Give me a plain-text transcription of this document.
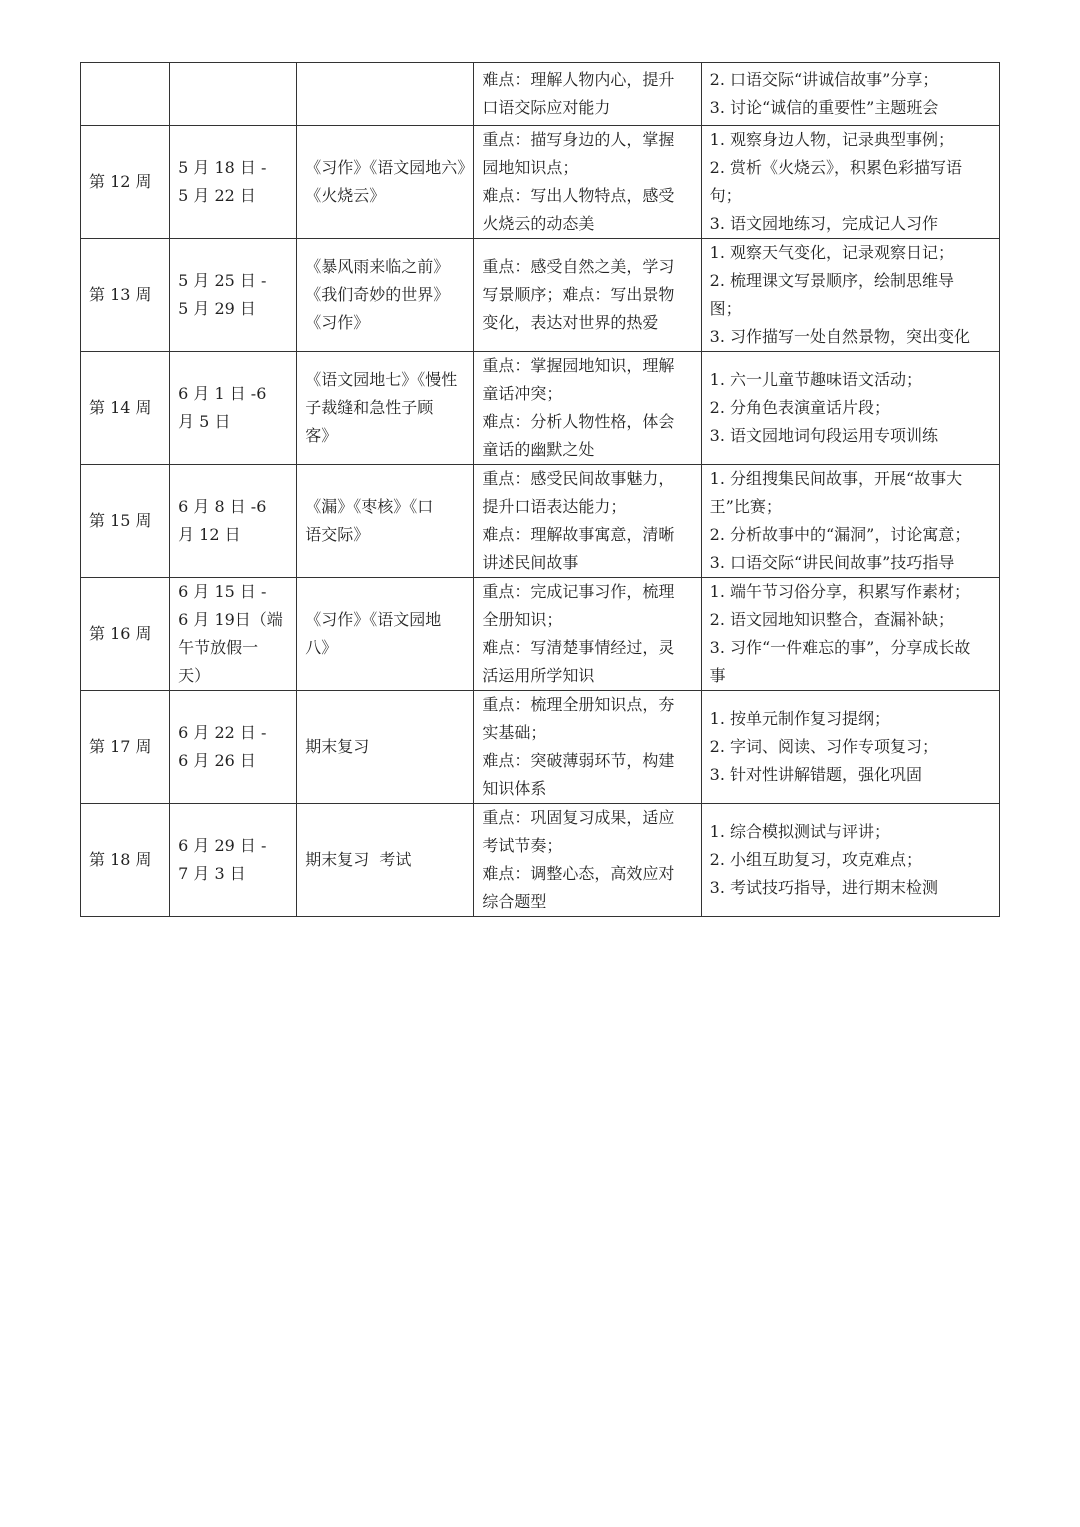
			难点：理解人物内心，提升
口语交际应对能力	2. 口语交际“讲诚信故事”分享；
3. 讨论“诚信的重要性”主题班会

第 12 周	5 月 18 日 -
5 月 22 日	《习作》《语文园地六》
《火烧云》	重点：描写身边的人，掌握
园地知识点；
难点：写出人物特点，感受
火烧云的动态美	1. 观察身边人物，记录典型事例；
2. 赏析《火烧云》，积累色彩描写语
句；
3. 语文园地练习，完成记人习作

第 13 周	5 月 25 日 -
5 月 29 日	《暴风雨来临之前》
《我们奇妙的世界》
《习作》	重点：感受自然之美，学习
写景顺序；难点：写出景物
变化，表达对世界的热爱	1. 观察天气变化，记录观察日记；
2. 梳理课文写景顺序，绘制思维导
图；
3. 习作描写一处自然景物，突出变化

第 14 周	6 月 1 日 -6
月 5 日	《语文园地七》《慢性
子裁缝和急性子顾
客》	重点：掌握园地知识，理解
童话冲突；
难点：分析人物性格，体会
童话的幽默之处	1. 六一儿童节趣味语文活动；
2. 分角色表演童话片段；
3. 语文园地词句段运用专项训练

第 15 周	6 月 8 日 -6
月 12 日	《漏》《枣核》《口
语交际》	重点：感受民间故事魅力，
提升口语表达能力；
难点：理解故事寓意，清晰
讲述民间故事	1. 分组搜集民间故事，开展“故事大
王”比赛；
2. 分析故事中的“漏洞”，讨论寓意；
3. 口语交际“讲民间故事”技巧指导

第 16 周	6 月 15 日 -
6 月 19日（端
午节放假一
天）	《习作》《语文园地
八》	重点：完成记事习作，梳理
全册知识；
难点：写清楚事情经过，灵
活运用所学知识	1. 端午节习俗分享，积累写作素材；
2. 语文园地知识整合，查漏补缺；
3. 习作“一件难忘的事”，分享成长故
事

第 17 周	6 月 22 日 -
6 月 26 日	期末复习	重点：梳理全册知识点，夯
实基础；
难点：突破薄弱环节，构建
知识体系	1. 按单元制作复习提纲；
2. 字词、阅读、习作专项复习；
3. 针对性讲解错题，强化巩固

第 18 周	6 月 29 日 -
7 月 3 日	期末复习  考试	重点：巩固复习成果，适应
考试节奏；
难点：调整心态，高效应对
综合题型	1. 综合模拟测试与评讲；
2. 小组互助复习，攻克难点；
3. 考试技巧指导，进行期末检测
